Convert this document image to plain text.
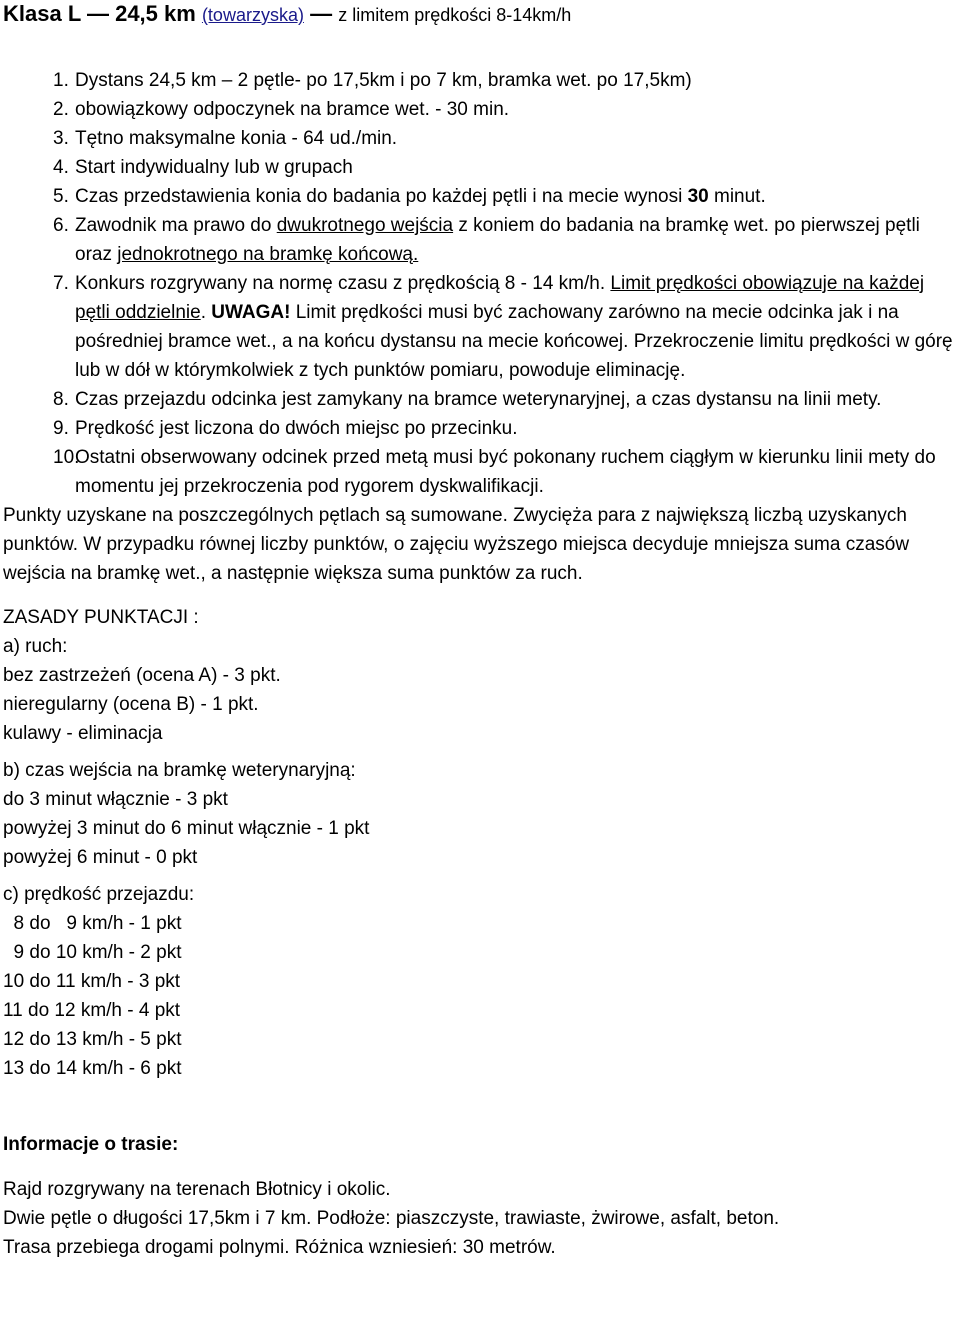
Klasa L — 24,5 km (towarzyska) — z limitem prędkości 8-14km/h
1. Dystans 24,5 km – 2 pętle- po 17,5km i po 7 km, bramka wet. po 17,5km)
2. obowiązkowy odpoczynek na bramce wet. - 30 min.
3. Tętno maksymalne konia - 64 ud./min.
4. Start indywidualny lub w grupach
5. Czas przedstawienia konia do badania po każdej pętli i na mecie wynosi 30 minut.
6. Zawodnik ma prawo do dwukrotnego wejścia z koniem do badania na bramkę wet. po pierwszej pętli oraz jednokrotnego na bramkę końcową.
7. Konkurs rozgrywany na normę czasu z prędkością 8 - 14 km/h. Limit prędkości obowiązuje na każdej pętli oddzielnie. UWAGA! Limit prędkości musi być zachowany zarówno na mecie odcinka jak i na pośredniej bramce wet., a na końcu dystansu na mecie końcowej. Przekroczenie limitu prędkości w górę lub w dół w którymkolwiek z tych punktów pomiaru, powoduje eliminację.
8. Czas przejazdu odcinka jest zamykany na bramce weterynaryjnej, a czas dystansu na linii mety.
9. Prędkość jest liczona do dwóch miejsc po przecinku.
10.
Ostatni obserwowany odcinek przed metą musi być pokonany ruchem ciągłym w kierunku linii mety do momentu jej przekroczenia pod rygorem dyskwalifikacji.

Punkty uzyskane na poszczególnych pętlach są sumowane. Zwycięża para z największą liczbą uzyskanych punktów. W przypadku równej liczby punktów, o zajęciu wyższego miejsca decyduje mniejsza suma czasów wejścia na bramkę wet., a następnie większa suma punktów za ruch.

ZASADY PUNKTACJI :
a) ruch:
bez zastrzeżeń (ocena A) - 3 pkt.
nieregularny (ocena B) - 1 pkt.
kulawy - eliminacja
b) czas wejścia na bramkę weterynaryjną:
do 3 minut włącznie - 3 pkt
powyżej 3 minut do 6 minut włącznie - 1 pkt
powyżej 6 minut - 0 pkt
c) prędkość przejazdu:
8 do   9 km/h - 1 pkt
9 do 10 km/h - 2 pkt
10 do 11 km/h - 3 pkt
11 do 12 km/h - 4 pkt
12 do 13 km/h - 5 pkt
13 do 14 km/h - 6 pkt
Informacje o trasie:
Rajd rozgrywany na terenach Błotnicy i okolic.
Dwie pętle o długości 17,5km i 7 km. Podłoże: piaszczyste, trawiaste, żwirowe, asfalt, beton.
Trasa przebiega drogami polnymi. Różnica wzniesień: 30 metrów.
